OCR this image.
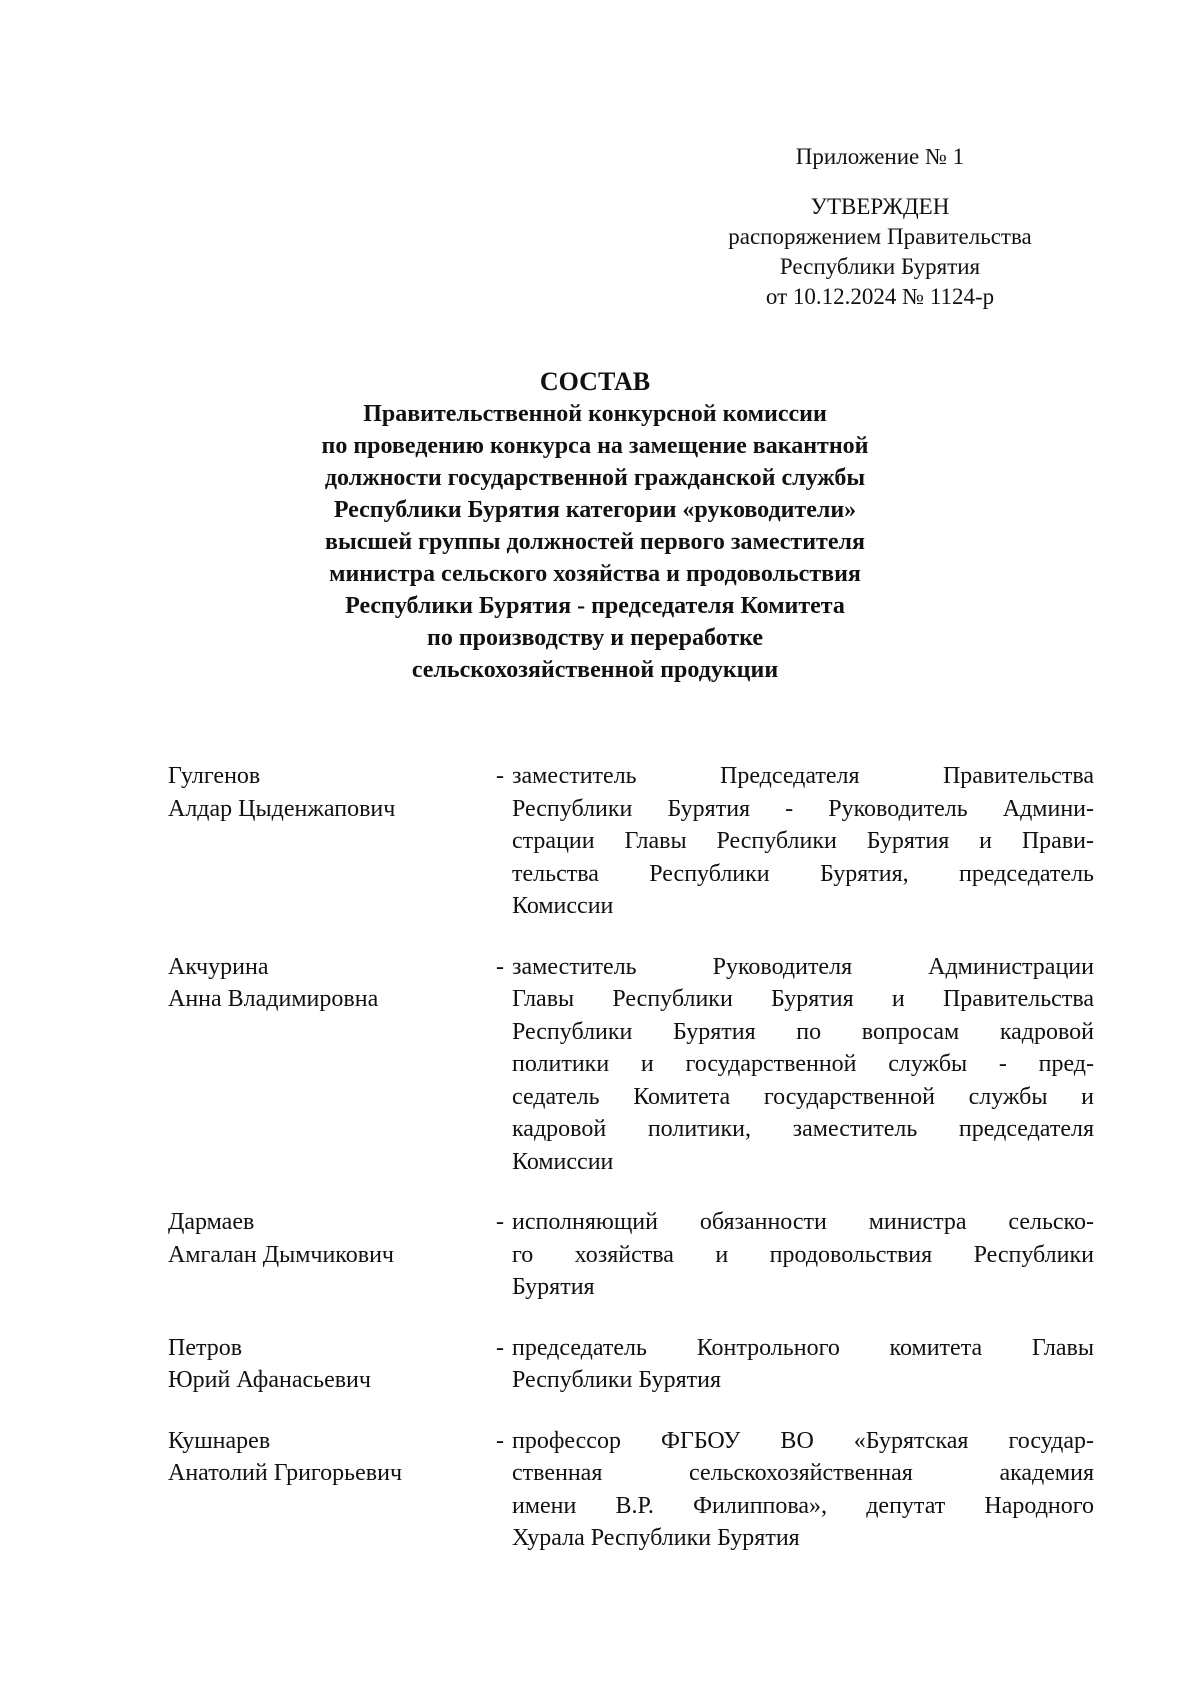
Приложение № 1
УТВЕРЖДЕН
распоряжением Правительства
Республики Бурятия
от 10.12.2024 № 1124-р
СОСТАВ
Правительственной конкурсной комиссии
по проведению конкурса на замещение вакантной
должности государственной гражданской службы
Республики Бурятия категории «руководители»
высшей группы должностей первого заместителя
министра сельского хозяйства и продовольствия
Республики Бурятия - председателя Комитета
по производству и переработке
сельскохозяйственной продукции
Гулгенов
Алдар Цыденжапович
- заместитель Председателя Правительства
Республики Бурятия - Руководитель Админи-
страции Главы Республики Бурятия и Прави-
тельства Республики Бурятия, председатель
Комиссии
Акчурина
Анна Владимировна
- заместитель Руководителя Администрации
Главы Республики Бурятия и Правительства
Республики Бурятия по вопросам кадровой
политики и государственной службы - пред-
седатель Комитета государственной службы и
кадровой политики, заместитель председателя
Комиссии
Дармаев
Амгалан Дымчикович
- исполняющий обязанности министра сельско-
го хозяйства и продовольствия Республики
Бурятия
Петров
Юрий Афанасьевич
- председатель Контрольного комитета Главы
Республики Бурятия
Кушнарев
Анатолий Григорьевич
- профессор ФГБОУ ВО «Бурятская государ-
ственная сельскохозяйственная академия
имени В.Р. Филиппова», депутат Народного
Хурала Республики Бурятия
